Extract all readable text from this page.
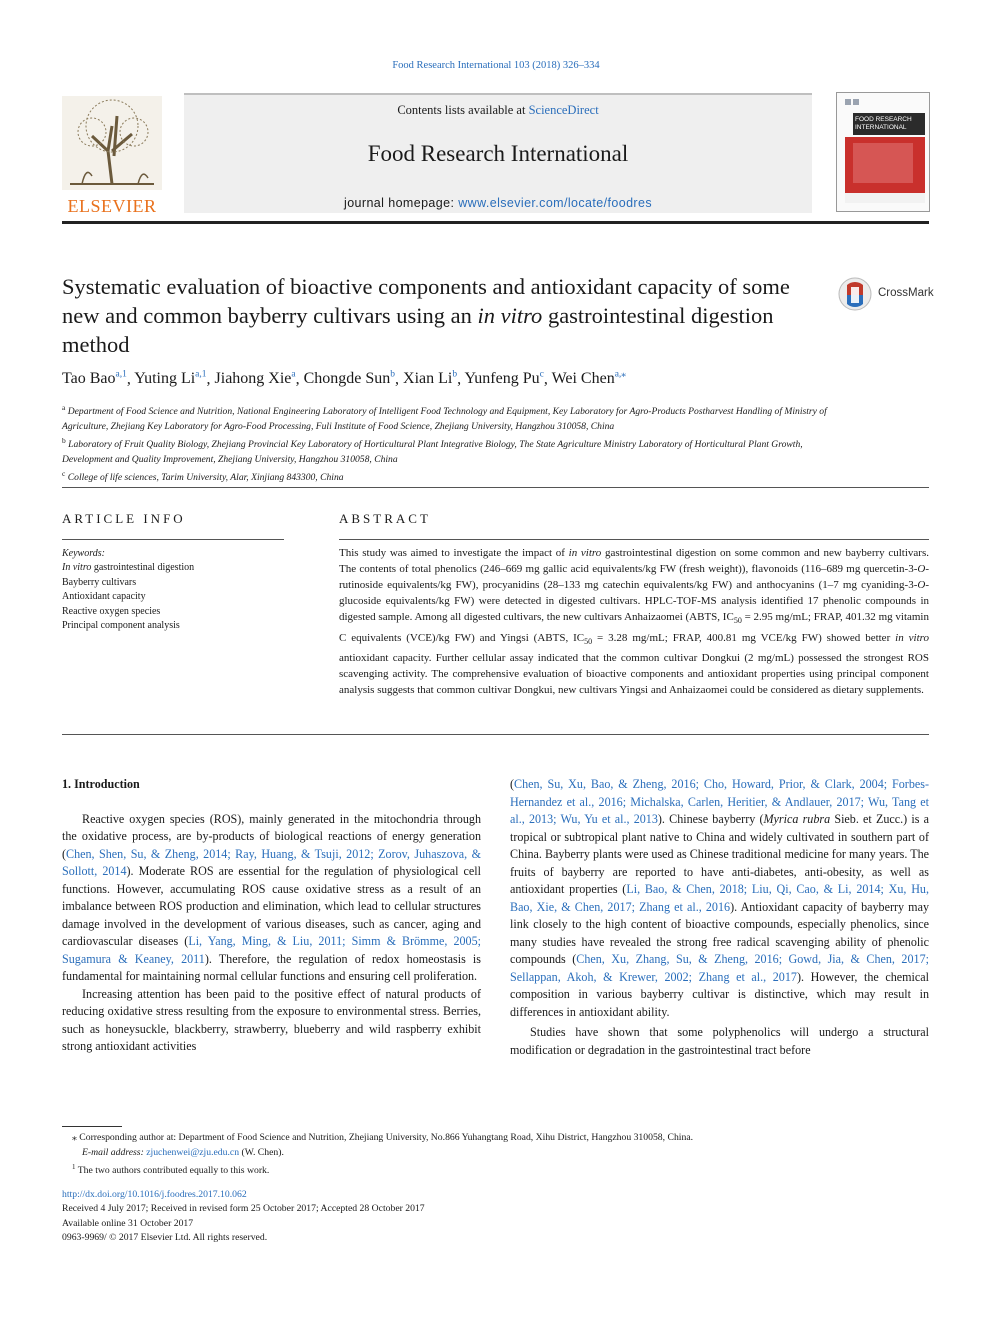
Food Research International 103 (2018) 326–334
ELSEVIER
Contents lists available at ScienceDirect
Food Research International
journal homepage: www.elsevier.com/locate/foodres
FOOD RESEARCH INTERNATIONAL
Systematic evaluation of bioactive components and antioxidant capacity of some new and common bayberry cultivars using an in vitro gastrointestinal digestion method
CrossMark
Tao Bao$^{a,1}$, Yuting Li$^{a,1}$, Jiahong Xie$^a$, Chongde Sun$^b$, Xian Li$^b$, Yunfeng Pu$^c$, Wei Chen$^{a,⁎}$
$^a$ Department of Food Science and Nutrition, National Engineering Laboratory of Intelligent Food Technology and Equipment, Key Laboratory for Agro-Products Postharvest Handling of Ministry of Agriculture, Zhejiang Key Laboratory for Agro-Food Processing, Fuli Institute of Food Science, Zhejiang University, Hangzhou 310058, China
$^b$ Laboratory of Fruit Quality Biology, Zhejiang Provincial Key Laboratory of Horticultural Plant Integrative Biology, The State Agriculture Ministry Laboratory of Horticultural Plant Growth, Development and Quality Improvement, Zhejiang University, Hangzhou 310058, China
$^c$ College of life sciences, Tarim University, Alar, Xinjiang 843300, China
ARTICLE INFO
Keywords:
In vitro gastrointestinal digestion
Bayberry cultivars
Antioxidant capacity
Reactive oxygen species
Principal component analysis
ABSTRACT
This study was aimed to investigate the impact of in vitro gastrointestinal digestion on some common and new bayberry cultivars. The contents of total phenolics (246–669 mg gallic acid equivalents/kg FW (fresh weight)), flavonoids (116–689 mg quercetin-3-O-rutinoside equivalents/kg FW), procyanidins (28–133 mg catechin equivalents/kg FW) and anthocyanins (1–7 mg cyaniding-3-O-glucoside equivalents/kg FW) were detected in digested cultivars. HPLC-TOF-MS analysis identified 17 phenolic compounds in digested sample. Among all digested cultivars, the new cultivars Anhaizaomei (ABTS, $IC_{50} = 2.95$ mg/mL; FRAP, 401.32 mg vitamin C equivalents (VCE)/kg FW) and Yingsi (ABTS, $IC_{50} = 3.28$ mg/mL; FRAP, 400.81 mg VCE/kg FW) showed better in vitro antioxidant capacity. Further cellular assay indicated that the common cultivar Dongkui (2 mg/mL) possessed the strongest ROS scavenging activity. The comprehensive evaluation of bioactive components and antioxidant properties using principal component analysis suggests that common cultivar Dongkui, new cultivars Yingsi and Anhaizaomei could be considered as dietary supplements.

1. Introduction

Reactive oxygen species (ROS), mainly generated in the mitochondria through the oxidative process, are by-products of biological reactions of energy generation (Chen, Shen, Su, & Zheng, 2014; Ray, Huang, & Tsuji, 2012; Zorov, Juhaszova, & Sollott, 2014). Moderate ROS are essential for the regulation of physiological cell functions. However, accumulating ROS cause oxidative stress as a result of an imbalance between ROS production and elimination, which lead to cellular structures damage involved in the development of various diseases, such as cancer, aging and cardiovascular diseases (Li, Yang, Ming, & Liu, 2011; Simm & Brömme, 2005; Sugamura & Keaney, 2011). Therefore, the regulation of redox homeostasis is fundamental for maintaining normal cellular functions and ensuring cell proliferation.

Increasing attention has been paid to the positive effect of natural products of reducing oxidative stress resulting from the exposure to environmental stress. Berries, such as honeysuckle, blackberry, strawberry, blueberry and wild raspberry exhibit strong antioxidant activities

(Chen, Su, Xu, Bao, & Zheng, 2016; Cho, Howard, Prior, & Clark, 2004; Forbes-Hernandez et al., 2016; Michalska, Carlen, Heritier, & Andlauer, 2017; Wu, Tang et al., 2013; Wu, Yu et al., 2013). Chinese bayberry (Myrica rubra Sieb. et Zucc.) is a tropical or subtropical plant native to China and widely cultivated in southern part of China. Bayberry plants were used as Chinese traditional medicine for many years. The fruits of bayberry are reported to have anti-diabetes, anti-obesity, as well as antioxidant properties (Li, Bao, & Chen, 2018; Liu, Qi, Cao, & Li, 2014; Xu, Hu, Bao, Xie, & Chen, 2017; Zhang et al., 2016). Antioxidant capacity of bayberry may link closely to the high content of bioactive compounds, especially phenolics, since many studies have revealed the strong free radical scavenging ability of phenolic compounds (Chen, Xu, Zhang, Su, & Zheng, 2016; Gowd, Jia, & Chen, 2017; Sellappan, Akoh, & Krewer, 2002; Zhang et al., 2017). However, the chemical composition in various bayberry cultivar is distinctive, which may result in differences in antioxidant ability.

Studies have shown that some polyphenolics will undergo a structural modification or degradation in the gastrointestinal tract before

⁎ Corresponding author at: Department of Food Science and Nutrition, Zhejiang University, No.866 Yuhangtang Road, Xihu District, Hangzhou 310058, China.
E-mail address: zjuchenwei@zju.edu.cn (W. Chen).
$^1$ The two authors contributed equally to this work.
http://dx.doi.org/10.1016/j.foodres.2017.10.062
Received 4 July 2017; Received in revised form 25 October 2017; Accepted 28 October 2017
Available online 31 October 2017
0963-9969/ © 2017 Elsevier Ltd. All rights reserved.
